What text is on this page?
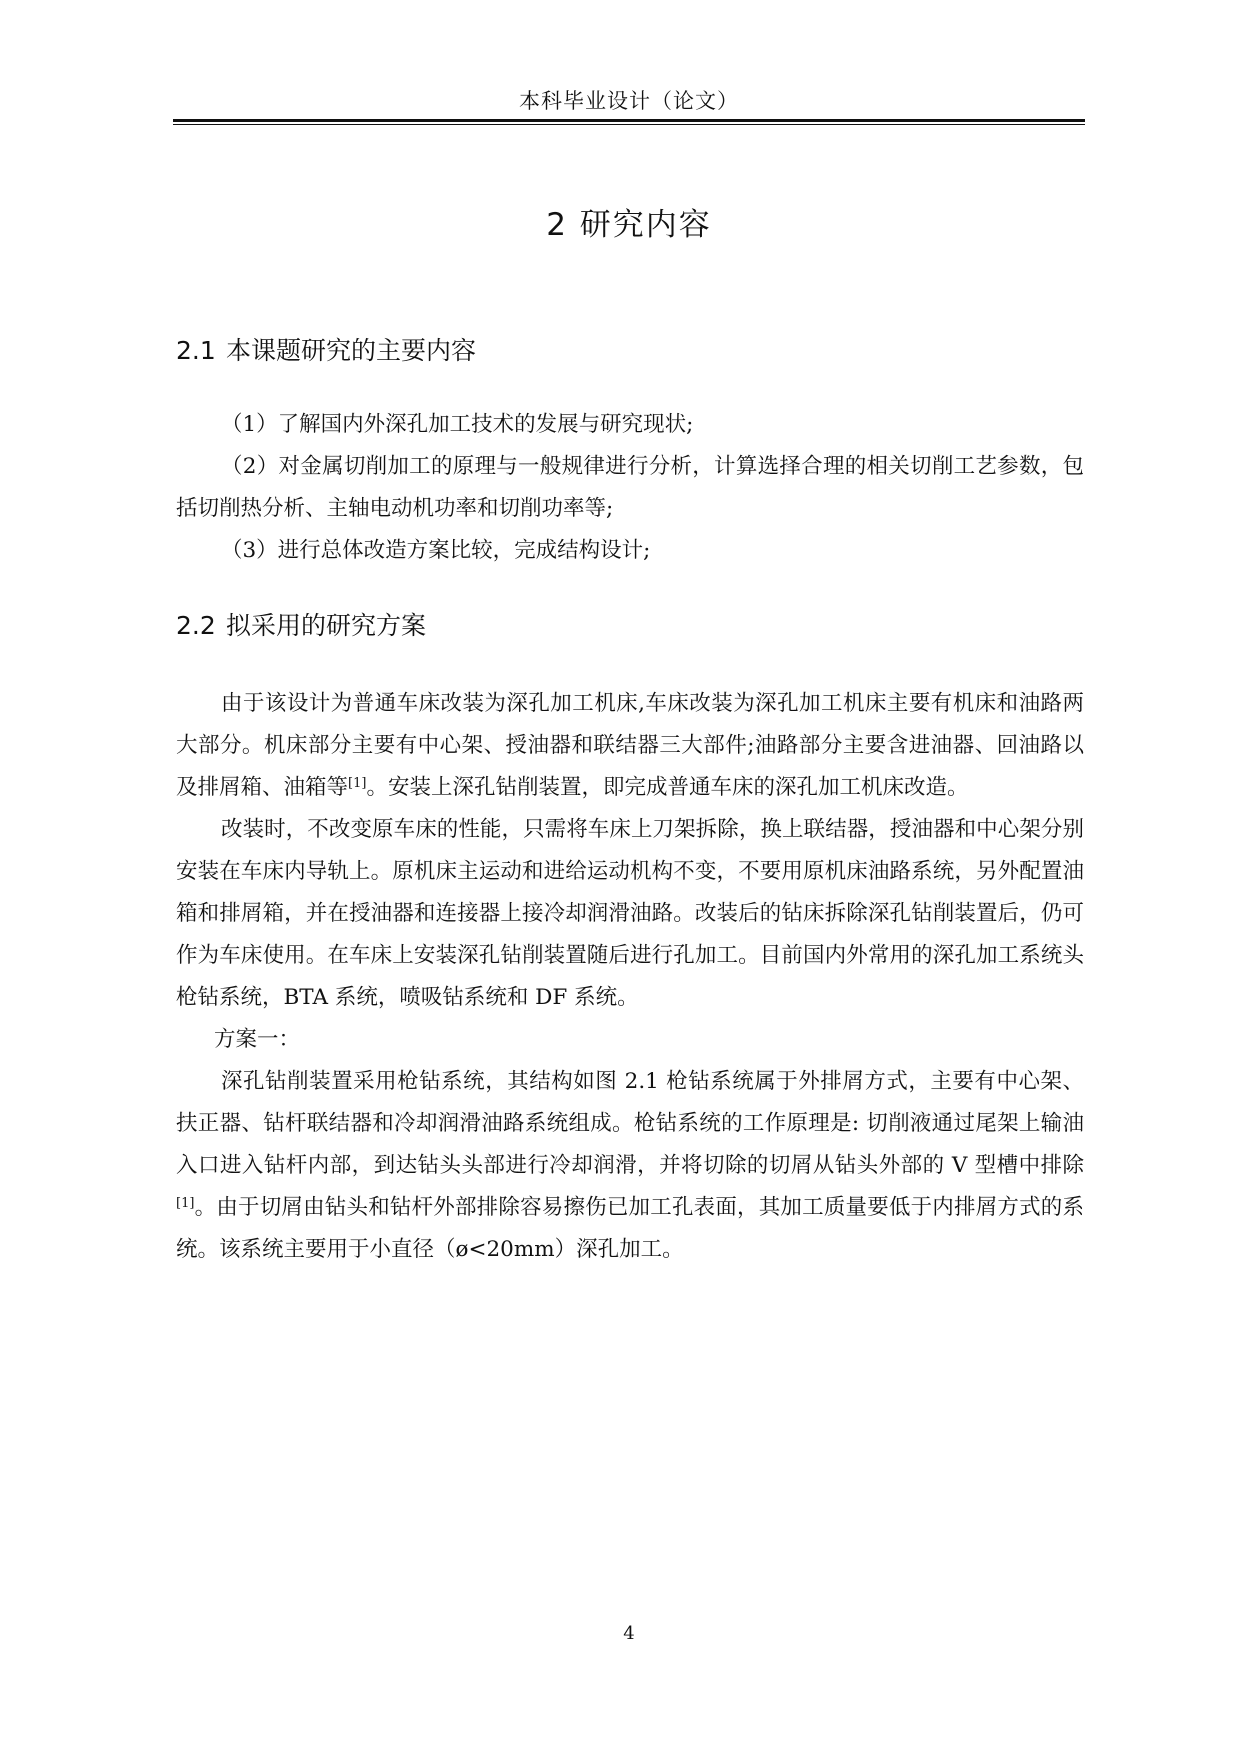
本科毕业设计（论文）
2 研究内容
2.1 本课题研究的主要内容

（1）了解国内外深孔加工技术的发展与研究现状;

（2）对金属切削加工的原理与一般规律进行分析，计算选择合理的相关切削工艺参数，包括切削热分析、主轴电动机功率和切削功率等;

（3）进行总体改造方案比较，完成结构设计;

2.2 拟采用的研究方案

由于该设计为普通车床改装为深孔加工机床,车床改装为深孔加工机床主要有机床和油路两大部分。机床部分主要有中心架、授油器和联结器三大部件;油路部分主要含进油器、回油路以及排屑箱、油箱等[1]。安装上深孔钻削装置，即完成普通车床的深孔加工机床改造。

改装时，不改变原车床的性能，只需将车床上刀架拆除，换上联结器，授油器和中心架分别安装在车床内导轨上。原机床主运动和进给运动机构不变，不要用原机床油路系统，另外配置油箱和排屑箱，并在授油器和连接器上接冷却润滑油路。改装后的钻床拆除深孔钻削装置后，仍可作为车床使用。在车床上安装深孔钻削装置随后进行孔加工。目前国内外常用的深孔加工系统头枪钻系统，BTA 系统，喷吸钻系统和 DF 系统。

方案一：

深孔钻削装置采用枪钻系统，其结构如图 2.1 枪钻系统属于外排屑方式，主要有中心架、扶正器、钻杆联结器和冷却润滑油路系统组成。枪钻系统的工作原理是: 切削液通过尾架上输油入口进入钻杆内部，到达钻头头部进行冷却润滑，并将切除的切屑从钻头外部的 V 型槽中排除[1]。由于切屑由钻头和钻杆外部排除容易擦伤已加工孔表面，其加工质量要低于内排屑方式的系统。该系统主要用于小直径（ø<20mm）深孔加工。

4
